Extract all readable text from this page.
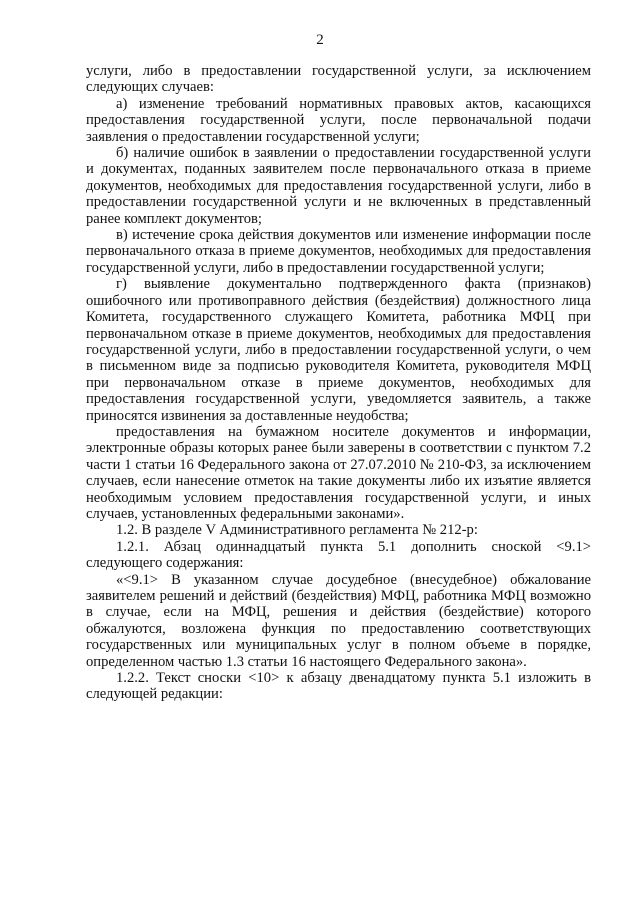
2

услуги, либо в предоставлении государственной услуги, за исключением следующих случаев:

а) изменение требований нормативных правовых актов, касающихся предоставления государственной услуги, после первоначальной подачи заявления о предоставлении государственной услуги;

б) наличие ошибок в заявлении о предоставлении государственной услуги и документах, поданных заявителем после первоначального отказа в приеме документов, необходимых для предоставления государственной услуги, либо в предоставлении государственной услуги и не включенных в представленный ранее комплект документов;

в) истечение срока действия документов или изменение информации после первоначального отказа в приеме документов, необходимых для предоставления государственной услуги, либо в предоставлении государственной услуги;

г) выявление документально подтвержденного факта (признаков) ошибочного или противоправного действия (бездействия) должностного лица Комитета, государственного служащего Комитета, работника МФЦ при первоначальном отказе в приеме документов, необходимых для предоставления государственной услуги, либо в предоставлении государственной услуги, о чем в письменном виде за подписью руководителя Комитета, руководителя МФЦ при первоначальном отказе в приеме документов, необходимых для предоставления государственной услуги, уведомляется заявитель, а также приносятся извинения за доставленные неудобства;

предоставления на бумажном носителе документов и информации, электронные образы которых ранее были заверены в соответствии с пунктом 7.2 части 1 статьи 16 Федерального закона от 27.07.2010 № 210-ФЗ, за исключением случаев, если нанесение отметок на такие документы либо их изъятие является необходимым условием предоставления государственной услуги, и иных случаев, установленных федеральными законами».

1.2. В разделе V Административного регламента № 212-р:

1.2.1. Абзац одиннадцатый пункта 5.1 дополнить сноской <9.1> следующего содержания:

«<9.1> В указанном случае досудебное (внесудебное) обжалование заявителем решений и действий (бездействия) МФЦ, работника МФЦ возможно в случае, если на МФЦ, решения и действия (бездействие) которого обжалуются, возложена функция по предоставлению соответствующих государственных или муниципальных услуг в полном объеме в порядке, определенном частью 1.3 статьи 16 настоящего Федерального закона».

1.2.2. Текст сноски <10> к абзацу двенадцатому пункта 5.1 изложить в следующей редакции:
